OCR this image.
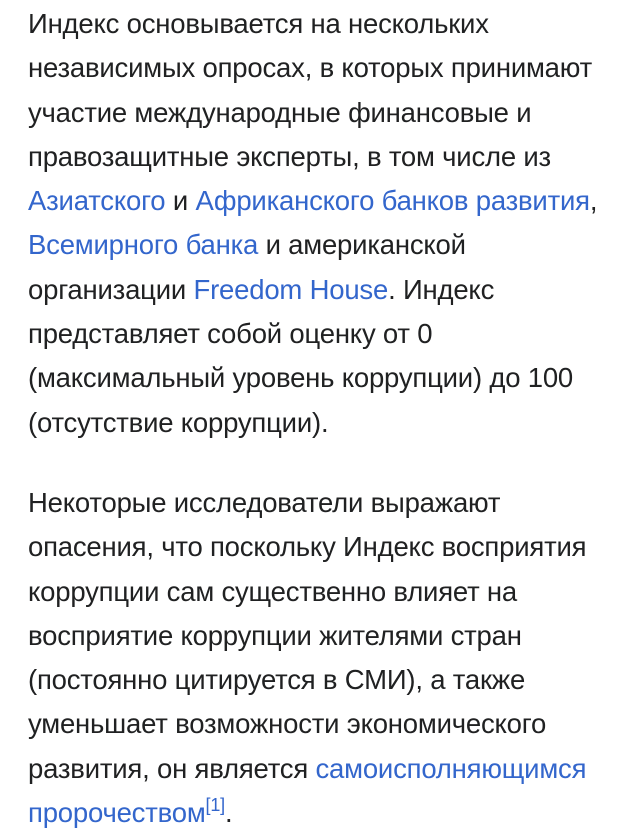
Индекс основывается на нескольких независимых опросах, в которых принимают участие международные финансовые и правозащитные эксперты, в том числе из Азиатского и Африканского банков развития, Всемирного банка и американской организации Freedom House. Индекс представляет собой оценку от 0 (максимальный уровень коррупции) до 100 (отсутствие коррупции).

Некоторые исследователи выражают опасения, что поскольку Индекс восприятия коррупции сам существенно влияет на восприятие коррупции жителями стран (постоянно цитируется в СМИ), а также уменьшает возможности экономического развития, он является самоисполняющимся пророчеством[1].
